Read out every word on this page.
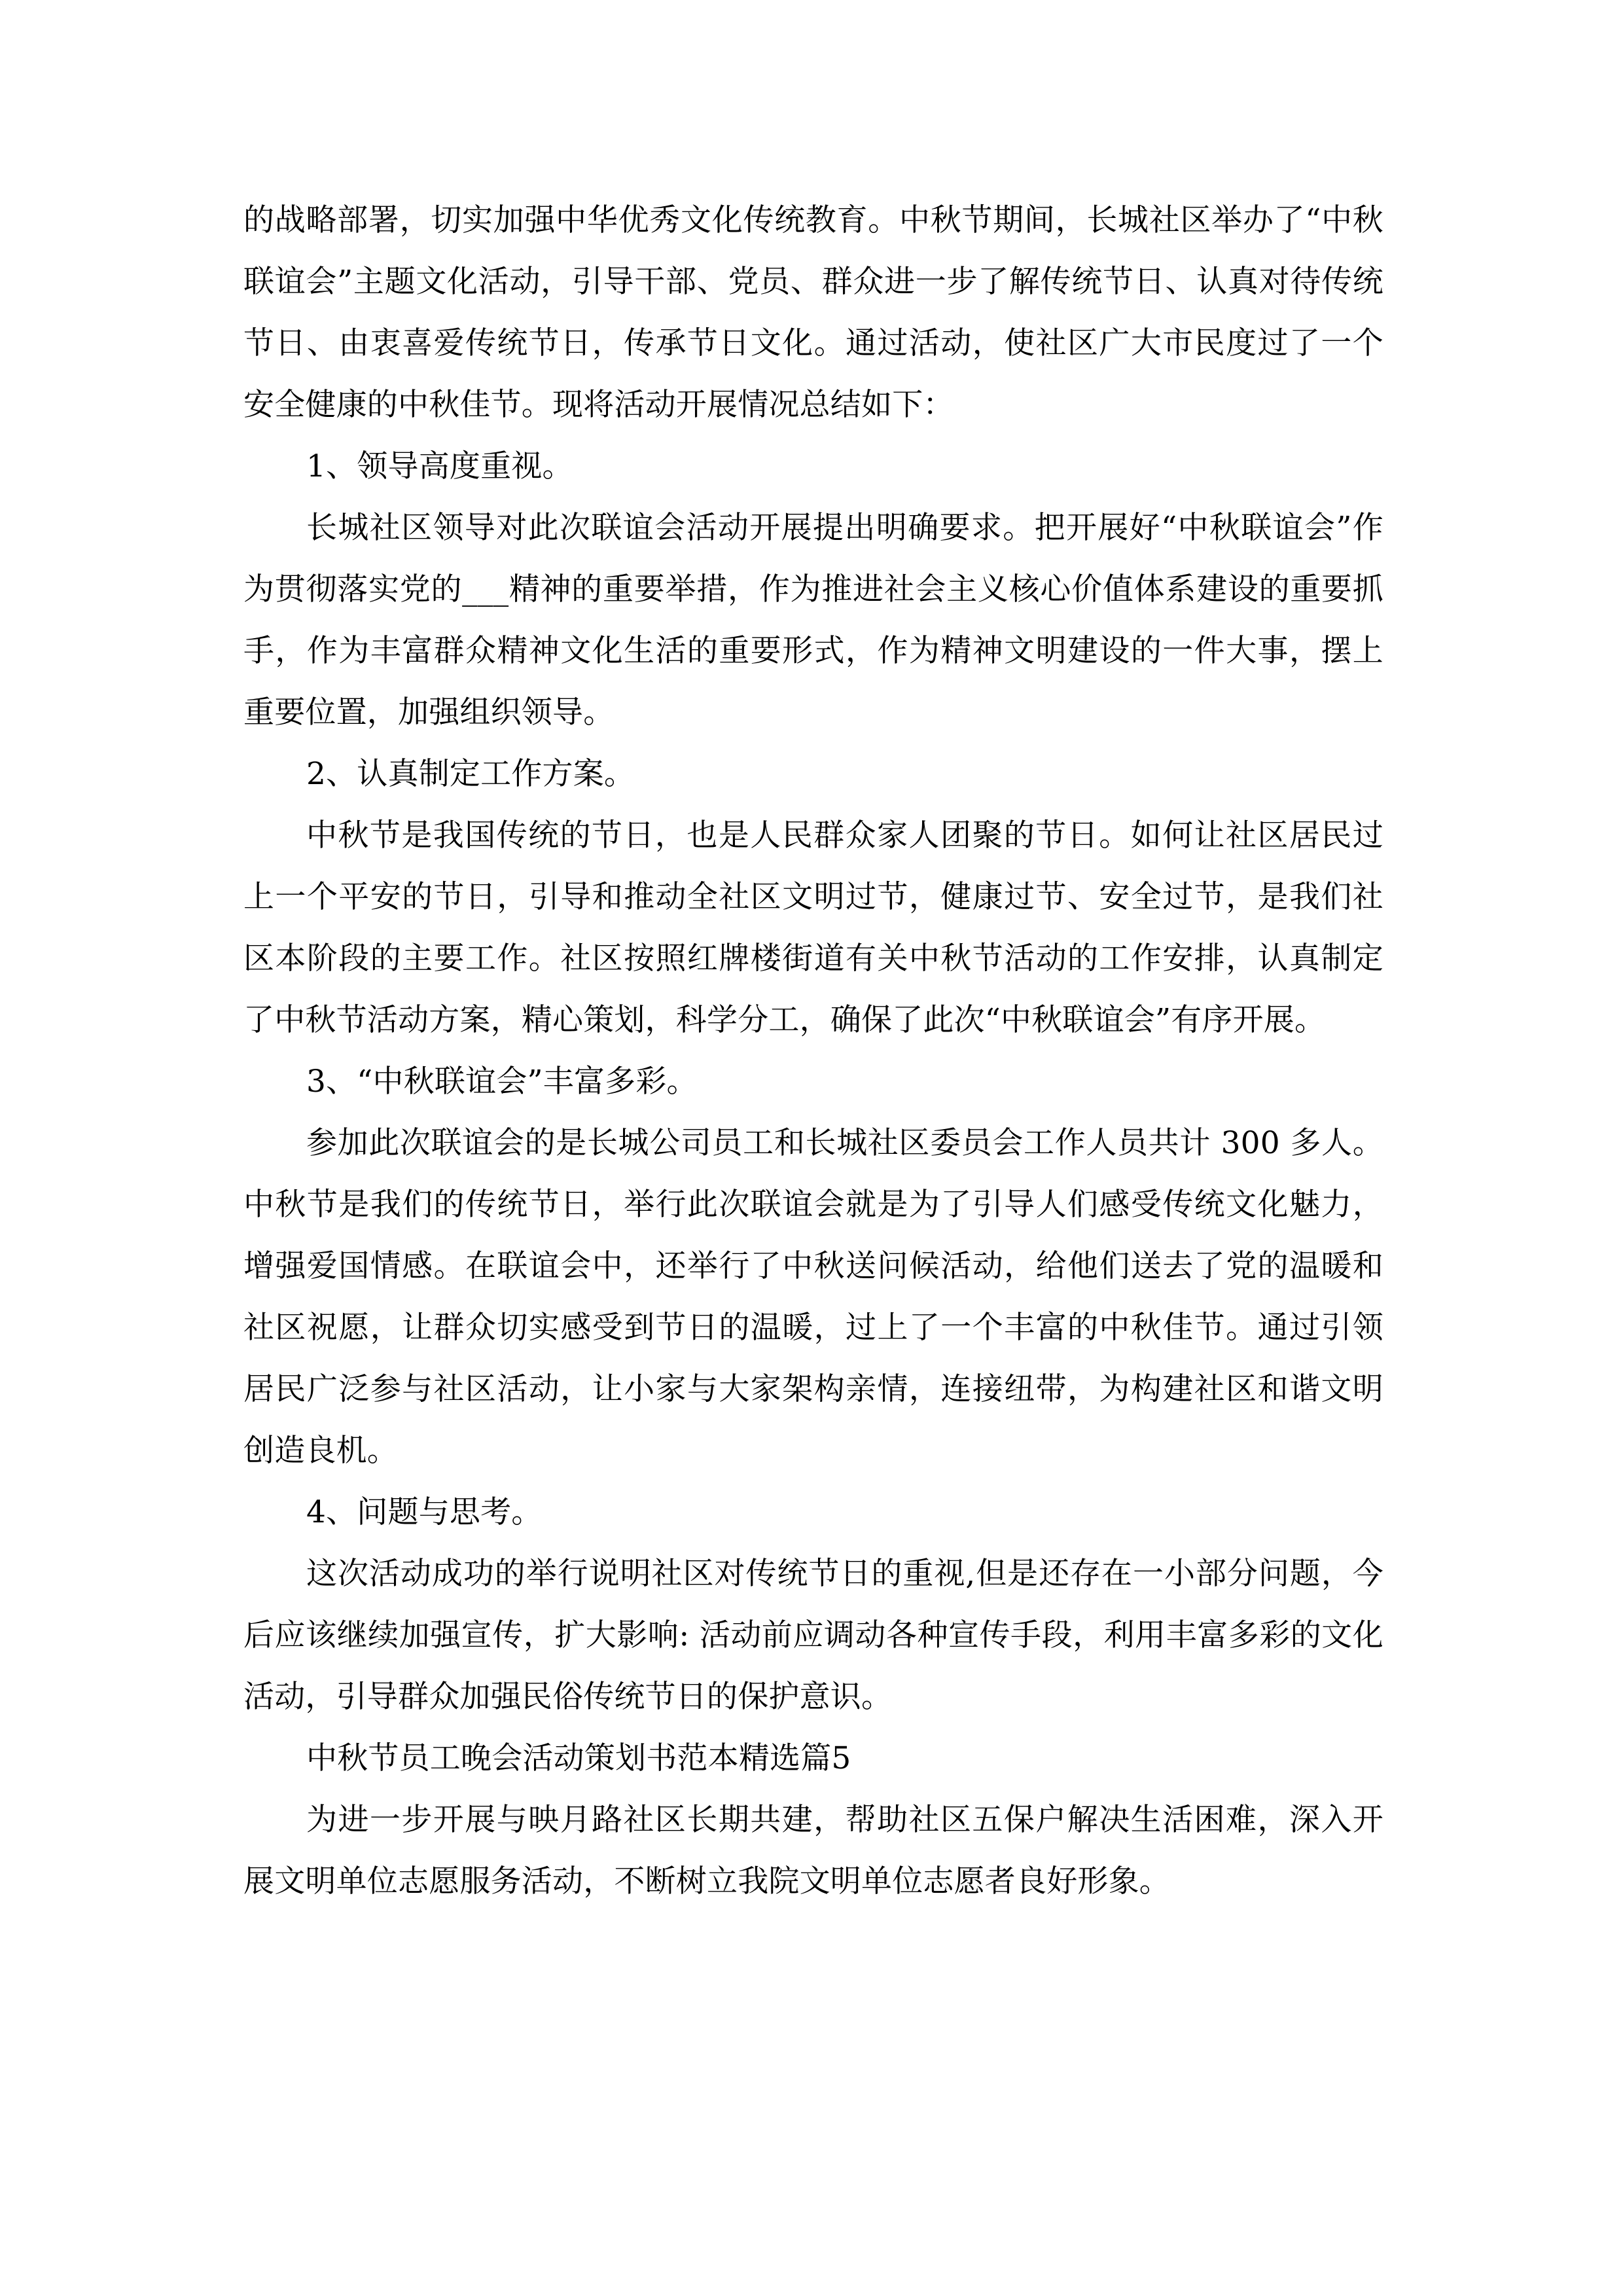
的战略部署，切实加强中华优秀文化传统教育。中秋节期间，长城社区举办了“中秋联谊会”主题文化活动，引导干部、党员、群众进一步了解传统节日、认真对待传统节日、由衷喜爱传统节日，传承节日文化。通过活动，使社区广大市民度过了一个安全健康的中秋佳节。现将活动开展情况总结如下：

1、领导高度重视。

长城社区领导对此次联谊会活动开展提出明确要求。把开展好“中秋联谊会”作为贯彻落实党的___精神的重要举措，作为推进社会主义核心价值体系建设的重要抓手，作为丰富群众精神文化生活的重要形式，作为精神文明建设的一件大事，摆上重要位置，加强组织领导。

2、认真制定工作方案。

中秋节是我国传统的节日，也是人民群众家人团聚的节日。如何让社区居民过上一个平安的节日，引导和推动全社区文明过节，健康过节、安全过节，是我们社区本阶段的主要工作。社区按照红牌楼街道有关中秋节活动的工作安排，认真制定了中秋节活动方案，精心策划，科学分工，确保了此次“中秋联谊会”有序开展。

3、“中秋联谊会”丰富多彩。

参加此次联谊会的是长城公司员工和长城社区委员会工作人员共计 300 多人。中秋节是我们的传统节日，举行此次联谊会就是为了引导人们感受传统文化魅力，增强爱国情感。在联谊会中，还举行了中秋送问候活动，给他们送去了党的温暖和社区祝愿，让群众切实感受到节日的温暖，过上了一个丰富的中秋佳节。通过引领居民广泛参与社区活动，让小家与大家架构亲情，连接纽带，为构建社区和谐文明创造良机。

4、问题与思考。

这次活动成功的举行说明社区对传统节日的重视,但是还存在一小部分问题，今后应该继续加强宣传，扩大影响: 活动前应调动各种宣传手段，利用丰富多彩的文化活动，引导群众加强民俗传统节日的保护意识。

中秋节员工晚会活动策划书范本精选篇5

为进一步开展与映月路社区长期共建，帮助社区五保户解决生活困难，深入开展文明单位志愿服务活动，不断树立我院文明单位志愿者良好形象。
